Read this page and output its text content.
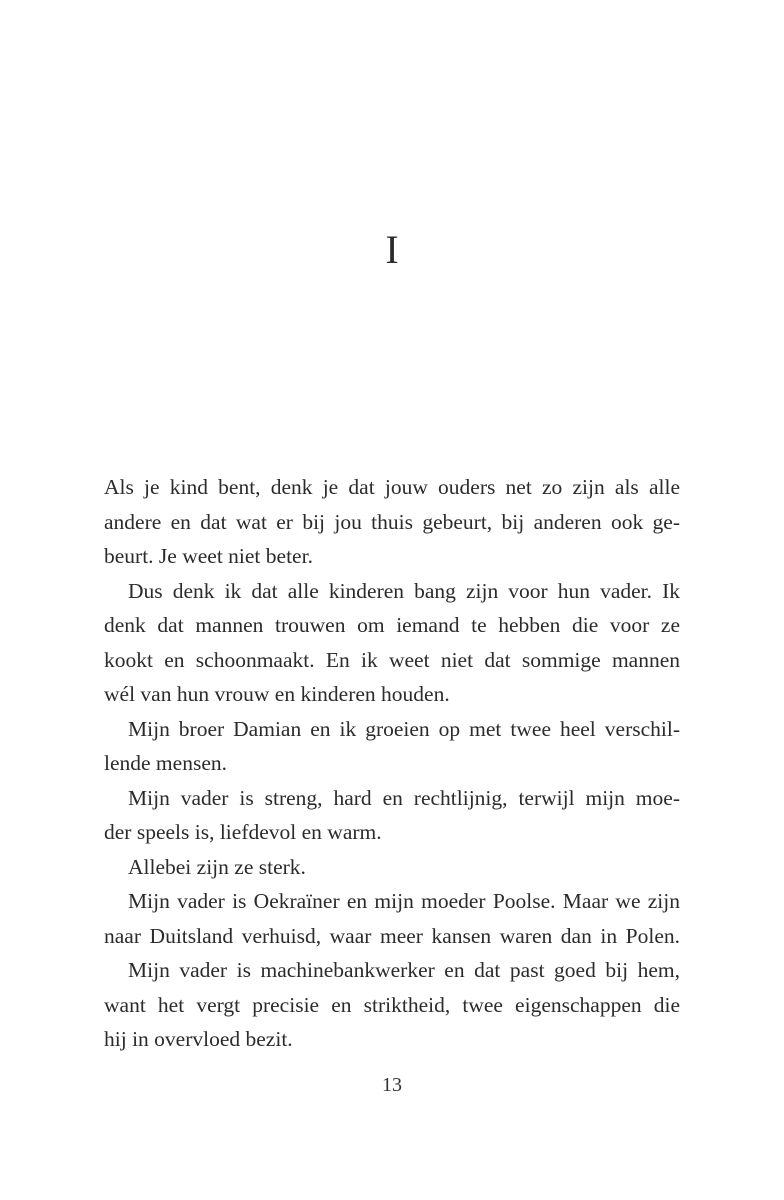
I
Als je kind bent, denk je dat jouw ouders net zo zijn als alle
andere en dat wat er bij jou thuis gebeurt, bij anderen ook ge-
beurt. Je weet niet beter.
Dus denk ik dat alle kinderen bang zijn voor hun vader. Ik
denk dat mannen trouwen om iemand te hebben die voor ze
kookt en schoonmaakt. En ik weet niet dat sommige mannen
wél van hun vrouw en kinderen houden.
Mijn broer Damian en ik groeien op met twee heel verschil-
lende mensen.
Mijn vader is streng, hard en rechtlijnig, terwijl mijn moe-
der speels is, liefdevol en warm.
Allebei zijn ze sterk.
Mijn vader is Oekraïner en mijn moeder Poolse. Maar we zijn
naar Duitsland verhuisd, waar meer kansen waren dan in Polen.
Mijn vader is machinebankwerker en dat past goed bij hem,
want het vergt precisie en striktheid, twee eigenschappen die
hij in overvloed bezit.
13
